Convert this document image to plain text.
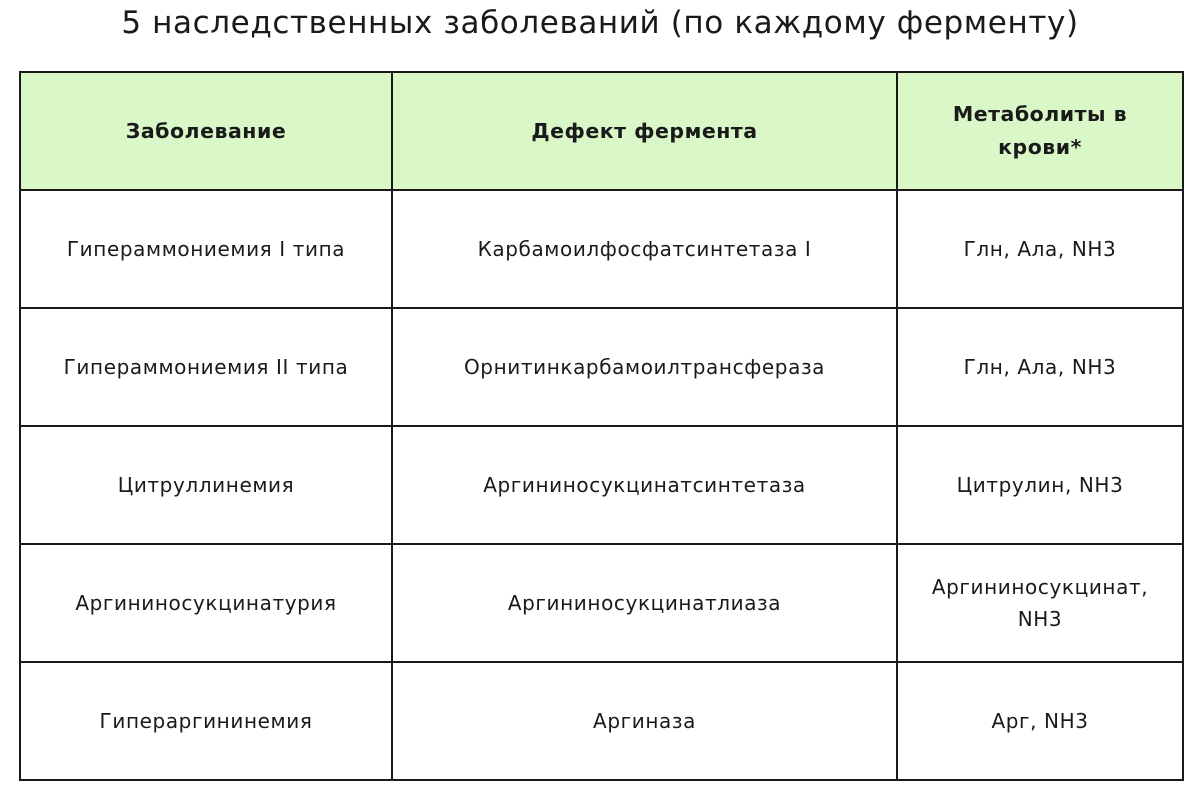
5 наследственных заболеваний (по каждому ферменту)
Заболевание	Дефект фермента	Метаболиты в крови*
Гипераммониемия I типа	Карбамоилфосфатсинтетаза I	Глн, Ала, NH3
Гипераммониемия II типа	Орнитинкарбамоилтрансфераза	Глн, Ала, NH3
Цитруллинемия	Аргининосукцинатсинтетаза	Цитрулин, NH3
Аргининосукцинатурия	Аргининосукцинатлиаза	Аргининосукцинат, NH3
Гипераргининемия	Аргиназа	Арг, NH3
